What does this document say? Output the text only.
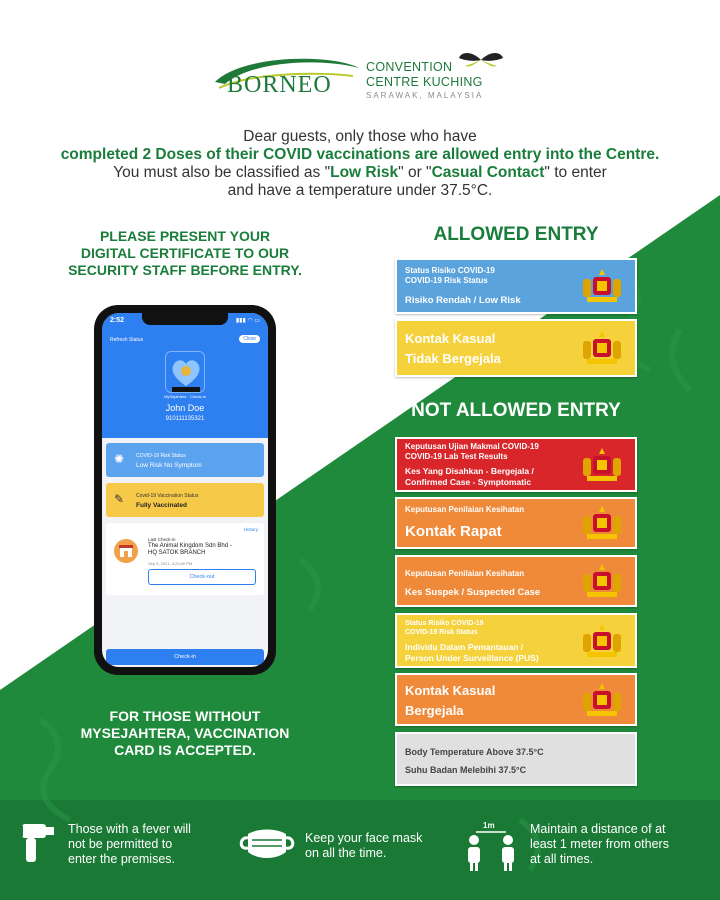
BORNEO
CONVENTION
CENTRE KUCHING
SARAWAK, MALAYSIA
Dear guests, only those who have
completed 2 Doses of their COVID vaccinations are allowed entry into the Centre.
You must also be classified as "Low Risk" or "Casual Contact" to enter
and have a temperature under 37.5°C.
PLEASE PRESENT YOUR
DIGITAL CERTIFICATE TO OUR
SECURITY STAFF BEFORE ENTRY.
2:52	▮▮▮ ◠ ▭
Refresh Status	Close
MySejahtera · Check-in
John Doe
910111135321
✺ COVID-19 Risk Status
Low Risk No Symptom
✎ Covid-19 Vaccination Status
Fully Vaccinated
History
Last Check-in
The Animal Kingdom Sdn Bhd -
HQ SATOK BRANCH
Sep 6, 2021, 4:29:40 PM
Check-out
Check-in
FOR THOSE WITHOUT
MYSEJAHTERA, VACCINATION
CARD IS ACCEPTED.
ALLOWED ENTRY
Status Risiko COVID-19
COVID-19 Risk Status
Risiko Rendah / Low Risk
Kontak Kasual
Tidak Bergejala
NOT ALLOWED ENTRY
Keputusan Ujian Makmal COVID-19
COVID-19 Lab Test Results
Kes Yang Disahkan - Bergejala /
Confirmed Case - Symptomatic
Keputusan Penilaian Kesihatan
Kontak Rapat
Keputusan Penilaian Kesihatan
Kes Suspek / Suspected Case
Status Risiko COVID-19
COVID-19 Risk Status
Individu Dalam Pemantauan /
Person Under Surveillance (PUS)
Kontak Kasual
Bergejala
Body Temperature Above 37.5°C
Suhu Badan Melebihi 37.5°C
Those with a fever will
not be permitted to
enter the premises.
Keep your face mask
on all the time.
1m	Maintain a distance of at
least 1 meter from others
at all times.
